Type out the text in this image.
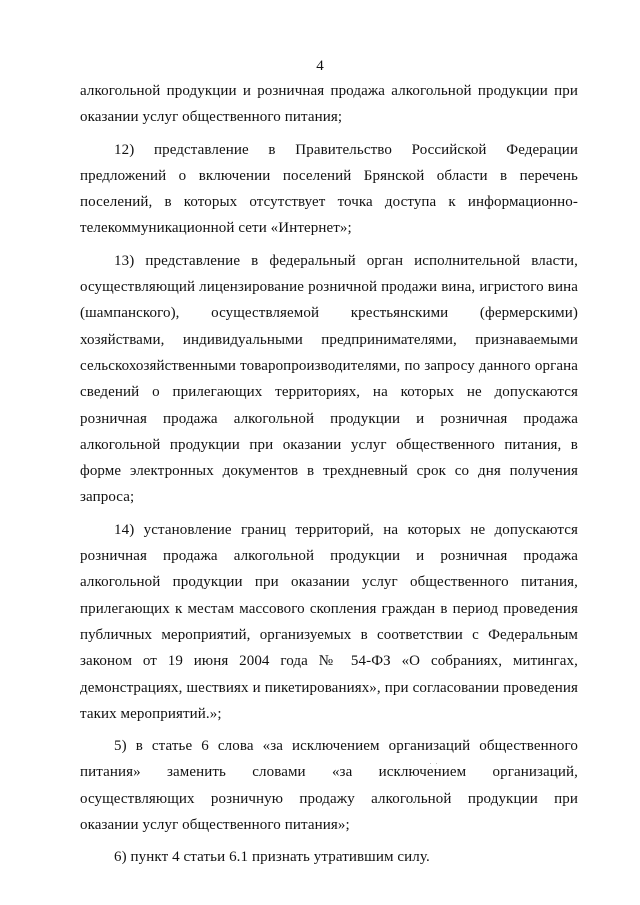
4

алкогольной продукции и розничная продажа алкогольной продукции при оказании услуг общественного питания;

12) представление в Правительство Российской Федерации предложений о включении поселений Брянской области в перечень поселений, в которых отсутствует точка доступа к информационно-телекоммуникационной сети «Интернет»;

13) представление в федеральный орган исполнительной власти, осуществляющий лицензирование розничной продажи вина, игристого вина (шампанского), осуществляемой крестьянскими (фермерскими) хозяйствами, индивидуальными предпринимателями, признаваемыми сельскохозяйственными товаропроизводителями, по запросу данного органа сведений о прилегающих территориях, на которых не допускаются розничная продажа алкогольной продукции и розничная продажа алкогольной продукции при оказании услуг общественного питания, в форме электронных документов в трехдневный срок со дня получения запроса;

14) установление границ территорий, на которых не допускаются розничная продажа алкогольной продукции и розничная продажа алкогольной продукции при оказании услуг общественного питания, прилегающих к местам массового скопления граждан в период проведения публичных мероприятий, организуемых в соответствии с Федеральным законом от 19 июня 2004 года № 54-ФЗ «О собраниях, митингах, демонстрациях, шествиях и пикетированиях», при согласовании проведения таких мероприятий.»;

5) в статье 6 слова «за исключением организаций общественного питания» заменить словами «за исключением организаций, осуществляющих розничную продажу алкогольной продукции при оказании услуг общественного питания»;

6) пункт 4 статьи 6.1 признать утратившим силу.
